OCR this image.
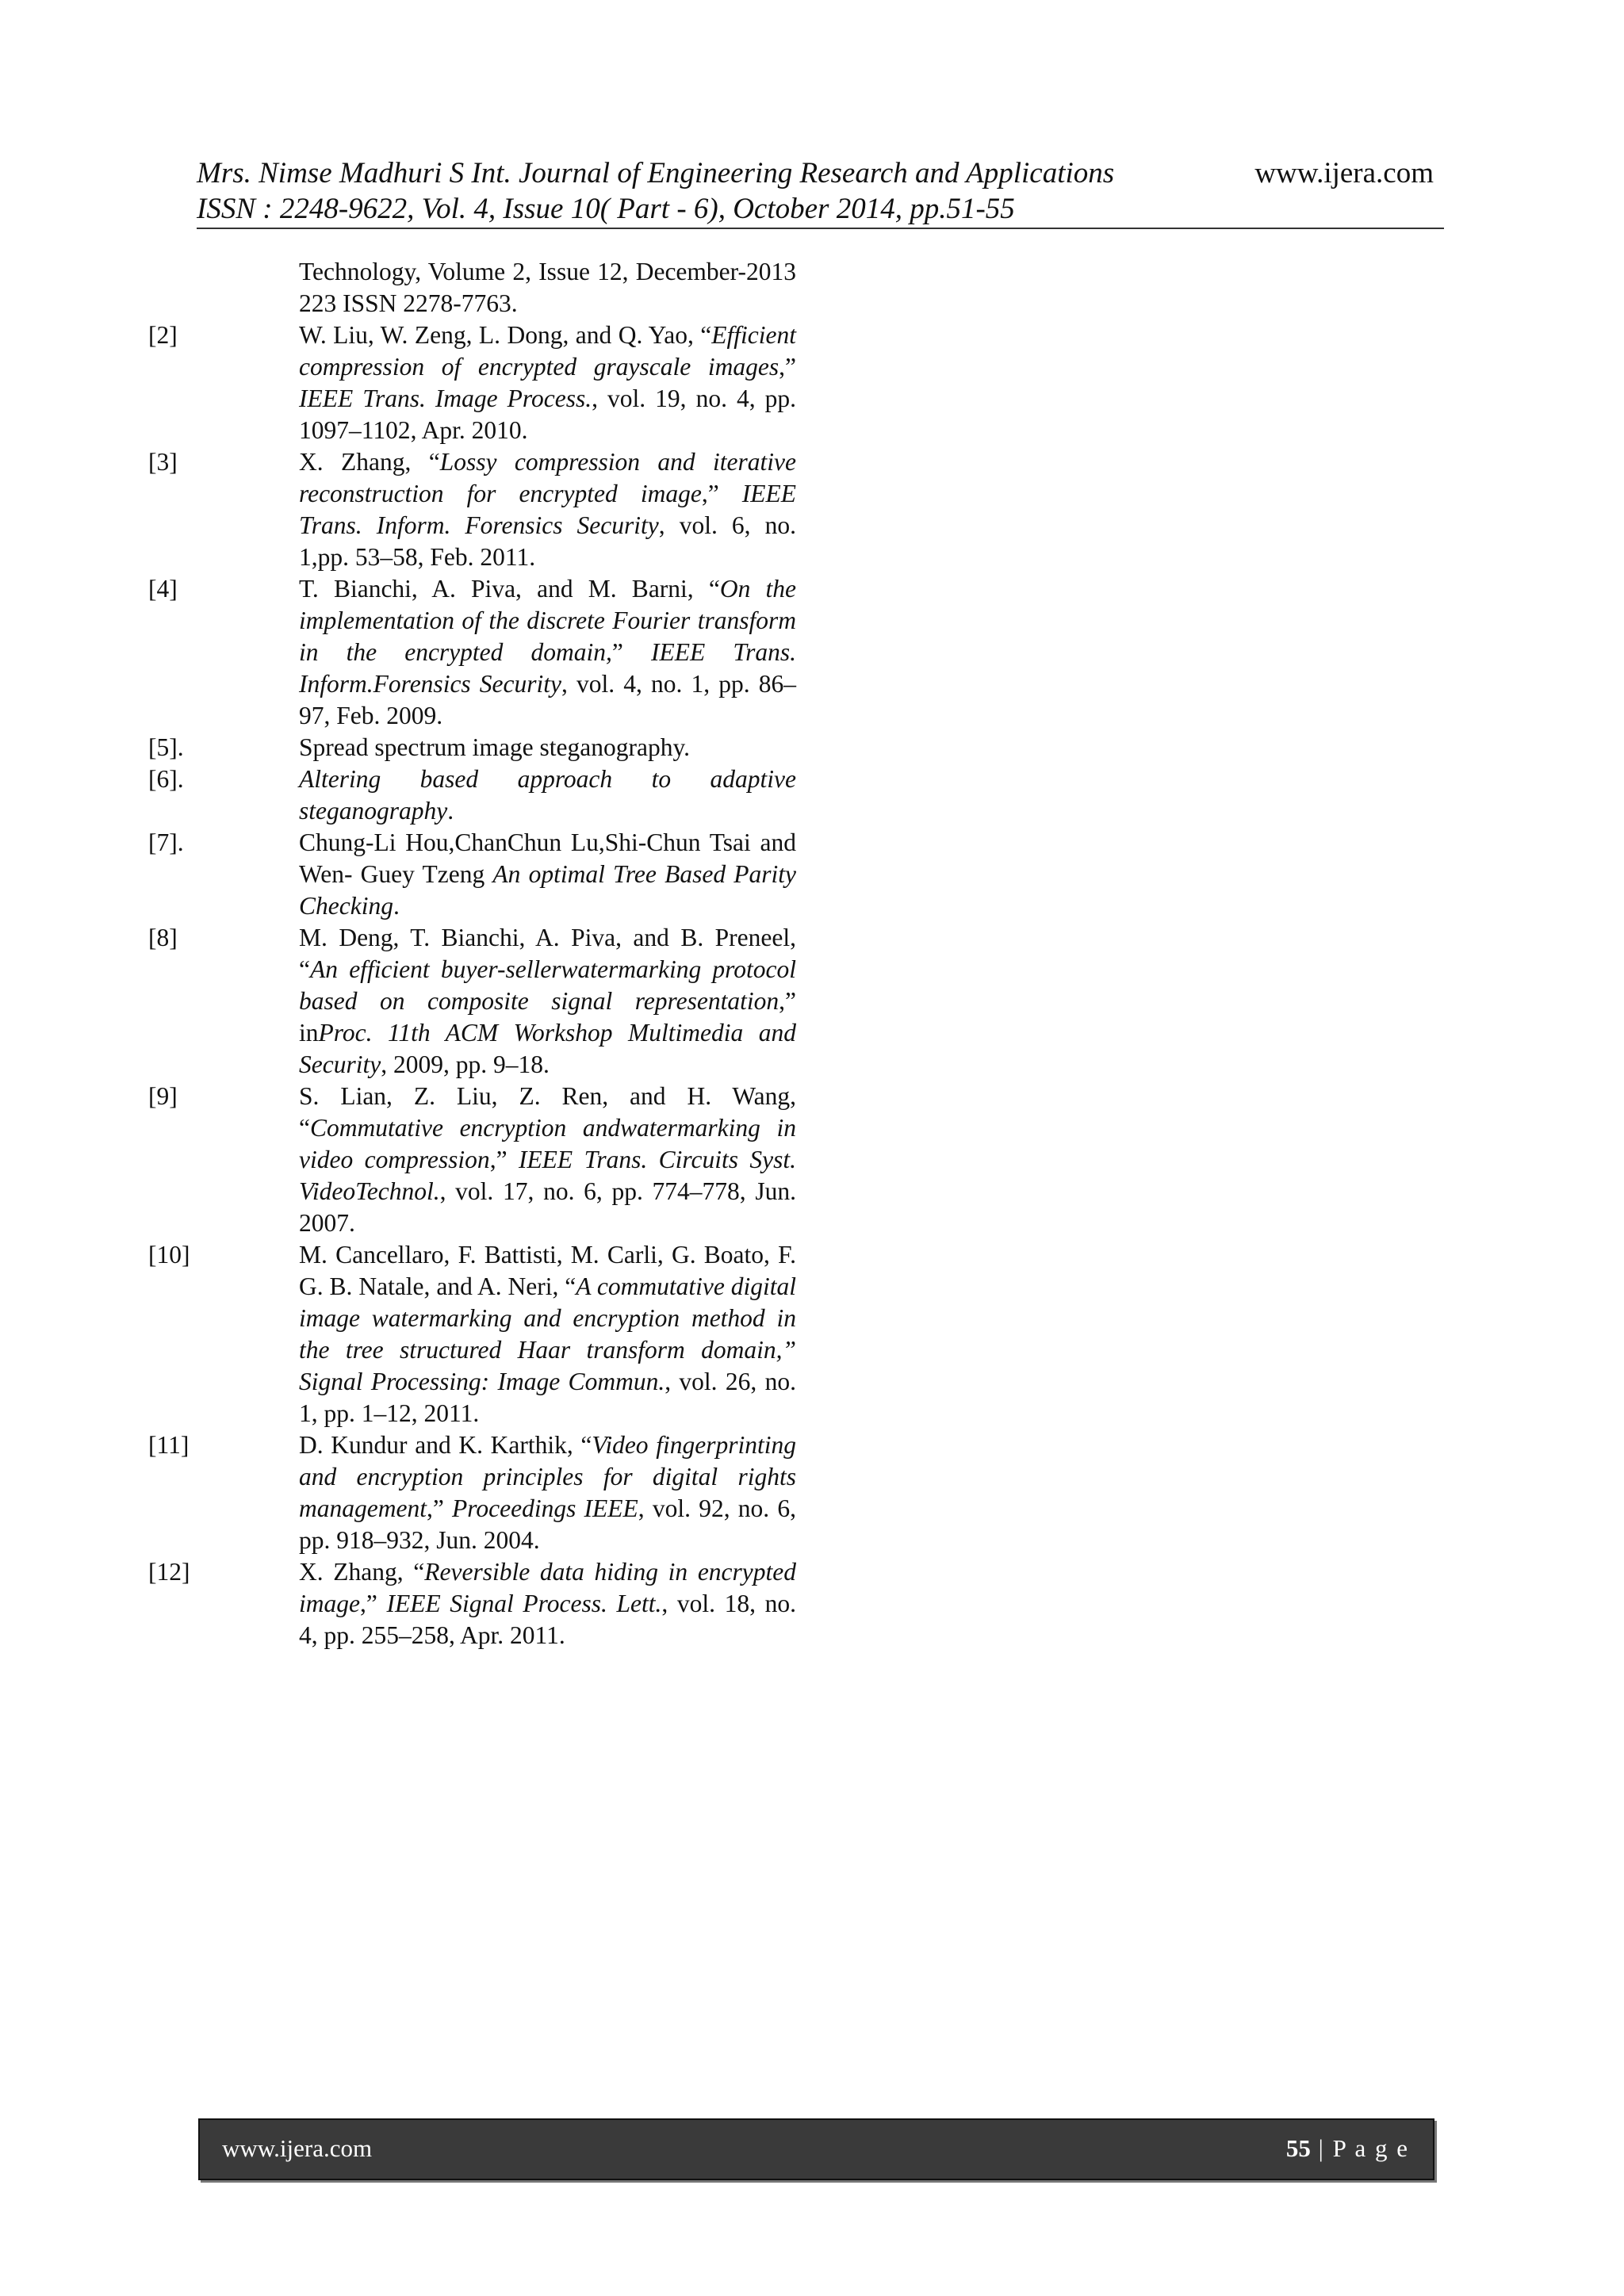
Mrs. Nimse Madhuri S Int. Journal of Engineering Research and Applications
ISSN : 2248-9622, Vol. 4, Issue 10( Part - 6), October 2014, pp.51-55
www.ijera.com
Technology, Volume 2, Issue 12, December-2013 223 ISSN 2278-7763.
[2]	W. Liu, W. Zeng, L. Dong, and Q. Yao, “Efficient compression of encrypted grayscale images,” IEEE Trans. Image Process., vol. 19, no. 4, pp. 1097–1102, Apr. 2010.
[3]	X. Zhang, “Lossy compression and iterative reconstruction for encrypted image,” IEEE Trans. Inform. Forensics Security, vol. 6, no. 1,pp. 53–58, Feb. 2011.
[4]	T. Bianchi, A. Piva, and M. Barni, “On the implementation of the discrete Fourier transform in the encrypted domain,” IEEE Trans. Inform.Forensics Security, vol. 4, no. 1, pp. 86–97, Feb. 2009.
[5].	Spread spectrum image steganography.
[6].	Altering based approach to adaptive steganography.
[7].	Chung-Li Hou,ChanChun Lu,Shi-Chun Tsai and Wen- Guey Tzeng An optimal Tree Based Parity Checking.
[8]	M. Deng, T. Bianchi, A. Piva, and B. Preneel, “An efficient buyer-sellerwatermarking protocol based on composite signal representation,” inProc. 11th ACM Workshop Multimedia and Security, 2009, pp. 9–18.
[9]	S. Lian, Z. Liu, Z. Ren, and H. Wang, “Commutative encryption andwatermarking in video compression,” IEEE Trans. Circuits Syst. VideoTechnol., vol. 17, no. 6, pp. 774–778, Jun. 2007.
[10]	M. Cancellaro, F. Battisti, M. Carli, G. Boato, F. G. B. Natale, and A. Neri, “A commutative digital image watermarking and encryption method in the tree structured Haar transform domain,” Signal Processing: Image Commun., vol. 26, no. 1, pp. 1–12, 2011.
[11]	D. Kundur and K. Karthik, “Video fingerprinting and encryption principles for digital rights management,” Proceedings IEEE, vol. 92, no. 6, pp. 918–932, Jun. 2004.
[12]	X. Zhang, “Reversible data hiding in encrypted image,” IEEE Signal Process. Lett., vol. 18, no. 4, pp. 255–258, Apr. 2011.
www.ijera.com	55 | P a g e
